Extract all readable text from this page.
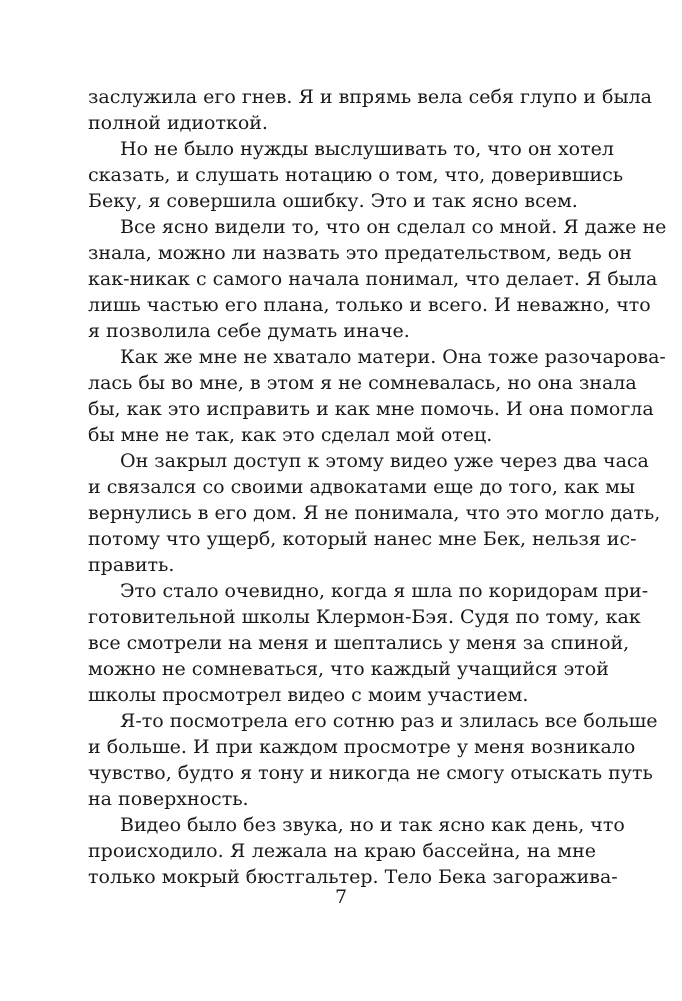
заслужила его гнев. Я и впрямь вела себя глупо и была
полной идиоткой.
Но не было нужды выслушивать то, что он хотел
сказать, и слушать нотацию о том, что, доверившись
Беку, я совершила ошибку. Это и так ясно всем.
Все ясно видели то, что он сделал со мной. Я даже не
знала, можно ли назвать это предательством, ведь он
как-никак с самого начала понимал, что делает. Я была
лишь частью его плана, только и всего. И неважно, что
я позволила себе думать иначе.
Как же мне не хватало матери. Она тоже разочарова-
лась бы во мне, в этом я не сомневалась, но она знала
бы, как это исправить и как мне помочь. И она помогла
бы мне не так, как это сделал мой отец.
Он закрыл доступ к этому видео уже через два часа
и связался со своими адвокатами еще до того, как мы
вернулись в его дом. Я не понимала, что это могло дать,
потому что ущерб, который нанес мне Бек, нельзя ис-
править.
Это стало очевидно, когда я шла по коридорам при-
готовительной школы Клермон-Бэя. Судя по тому, как
все смотрели на меня и шептались у меня за спиной,
можно не сомневаться, что каждый учащийся этой
школы просмотрел видео с моим участием.
Я-то посмотрела его сотню раз и злилась все больше
и больше. И при каждом просмотре у меня возникало
чувство, будто я тону и никогда не смогу отыскать путь
на поверхность.
Видео было без звука, но и так ясно как день, что
происходило. Я лежала на краю бассейна, на мне
только мокрый бюстгальтер. Тело Бека загоражива-
7
